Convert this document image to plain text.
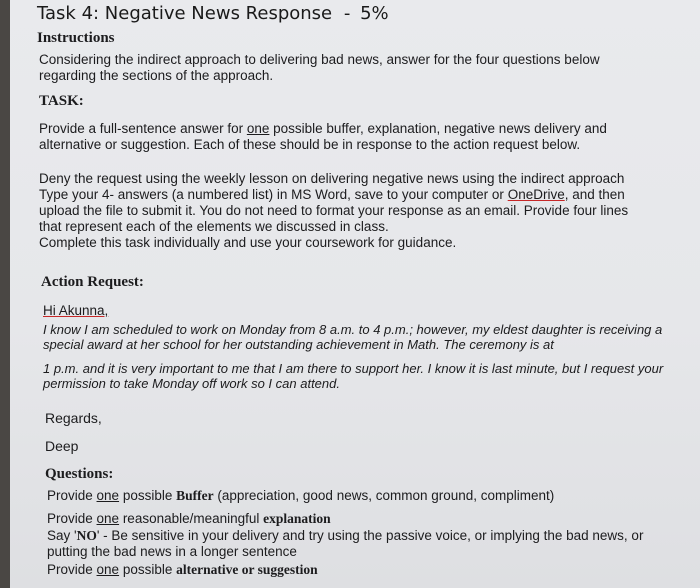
Task 4: Negative News Response - 5%
Instructions
Considering the indirect approach to delivering bad news, answer for the four questions below
regarding the sections of the approach.
TASK:
Provide a full-sentence answer for one possible buffer, explanation, negative news delivery and
alternative or suggestion. Each of these should be in response to the action request below.
Deny the request using the weekly lesson on delivering negative news using the indirect approach
Type your 4- answers (a numbered list) in MS Word, save to your computer or OneDrive, and then
upload the file to submit it. You do not need to format your response as an email. Provide four lines
that represent each of the elements we discussed in class.
Complete this task individually and use your coursework for guidance.
Action Request:
Hi Akunna,
I know I am scheduled to work on Monday from 8 a.m. to 4 p.m.; however, my eldest daughter is receiving a
special award at her school for her outstanding achievement in Math. The ceremony is at
1 p.m. and it is very important to me that I am there to support her. I know it is last minute, but I request your
permission to take Monday off work so I can attend.
Regards,
Deep
Questions:
Provide one possible Buffer (appreciation, good news, common ground, compliment)
Provide one reasonable/meaningful explanation
Say 'NO' - Be sensitive in your delivery and try using the passive voice, or implying the bad news, or
putting the bad news in a longer sentence
Provide one possible alternative or suggestion
